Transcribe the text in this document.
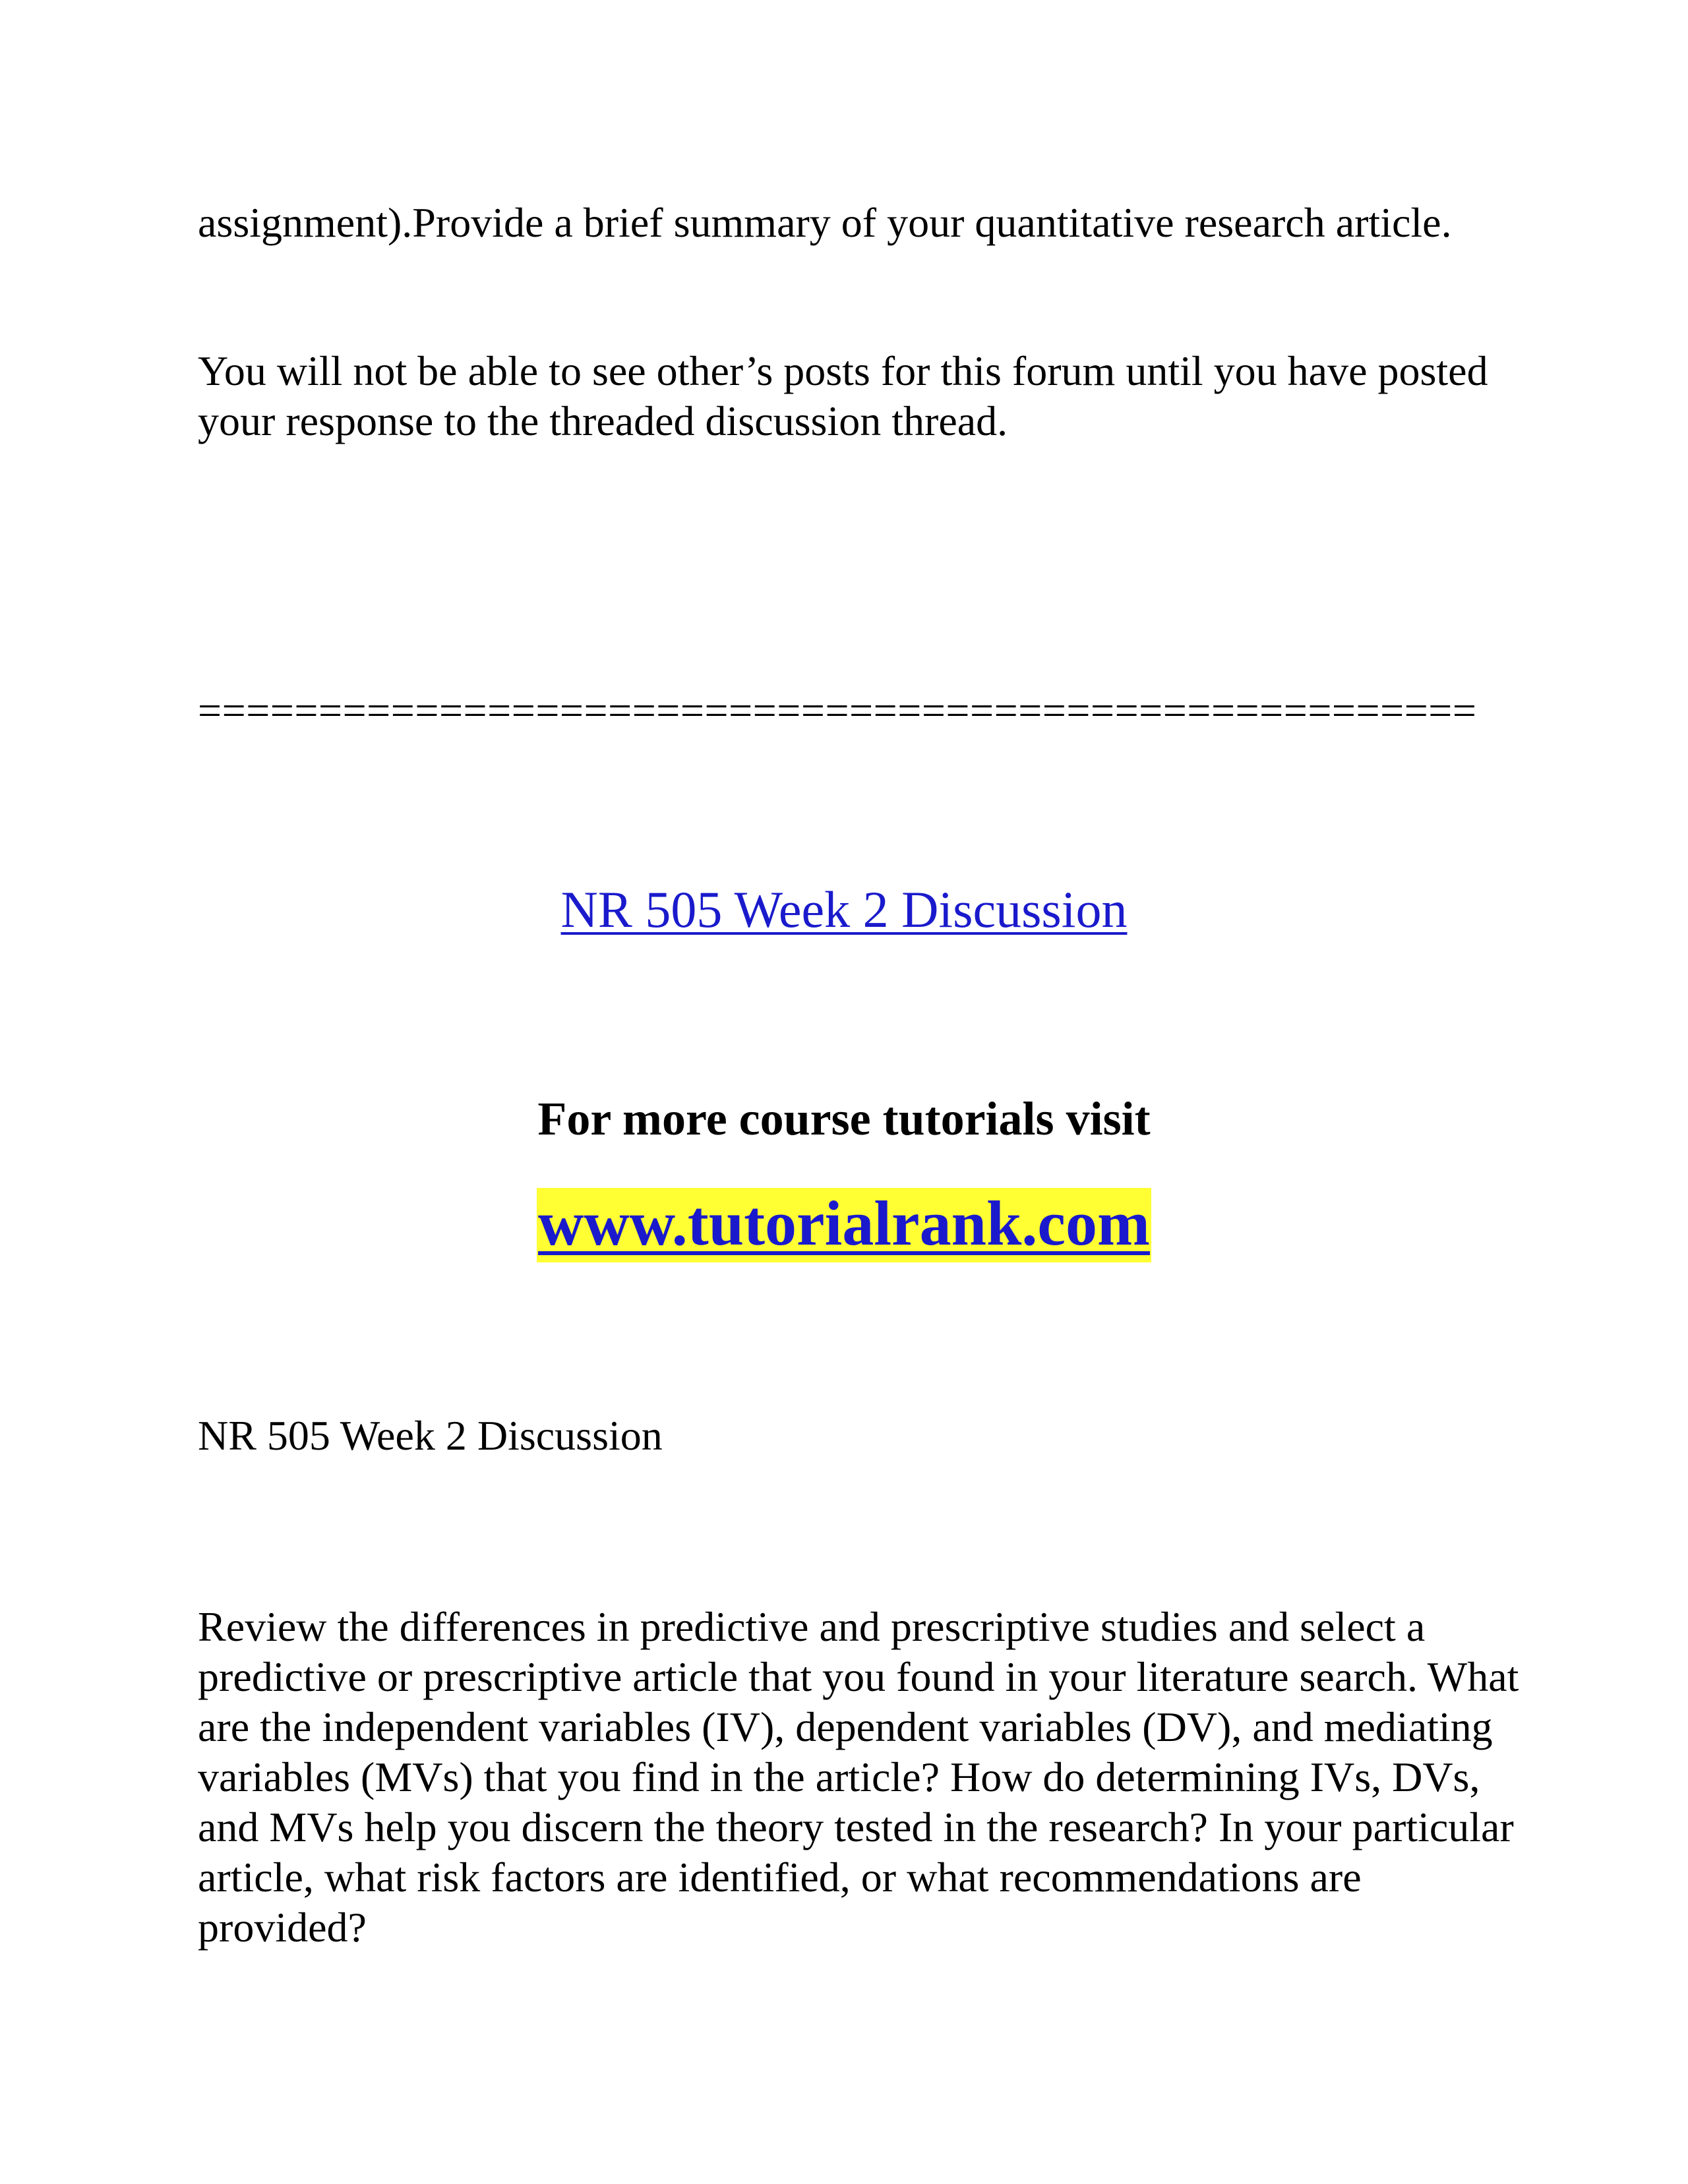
assignment).Provide a brief summary of your quantitative research article.

You will not be able to see other’s posts for this forum until you have posted your response to the threaded discussion thread.

=====================================================

NR 505 Week 2 Discussion

For more course tutorials visit

www.tutorialrank.com

NR 505 Week 2 Discussion

Review the differences in predictive and prescriptive studies and select a predictive or prescriptive article that you found in your literature search. What are the independent variables (IV), dependent variables (DV), and mediating variables (MVs) that you find in the article? How do determining IVs, DVs, and MVs help you discern the theory tested in the research? In your particular article, what risk factors are identified, or what recommendations are provided?
